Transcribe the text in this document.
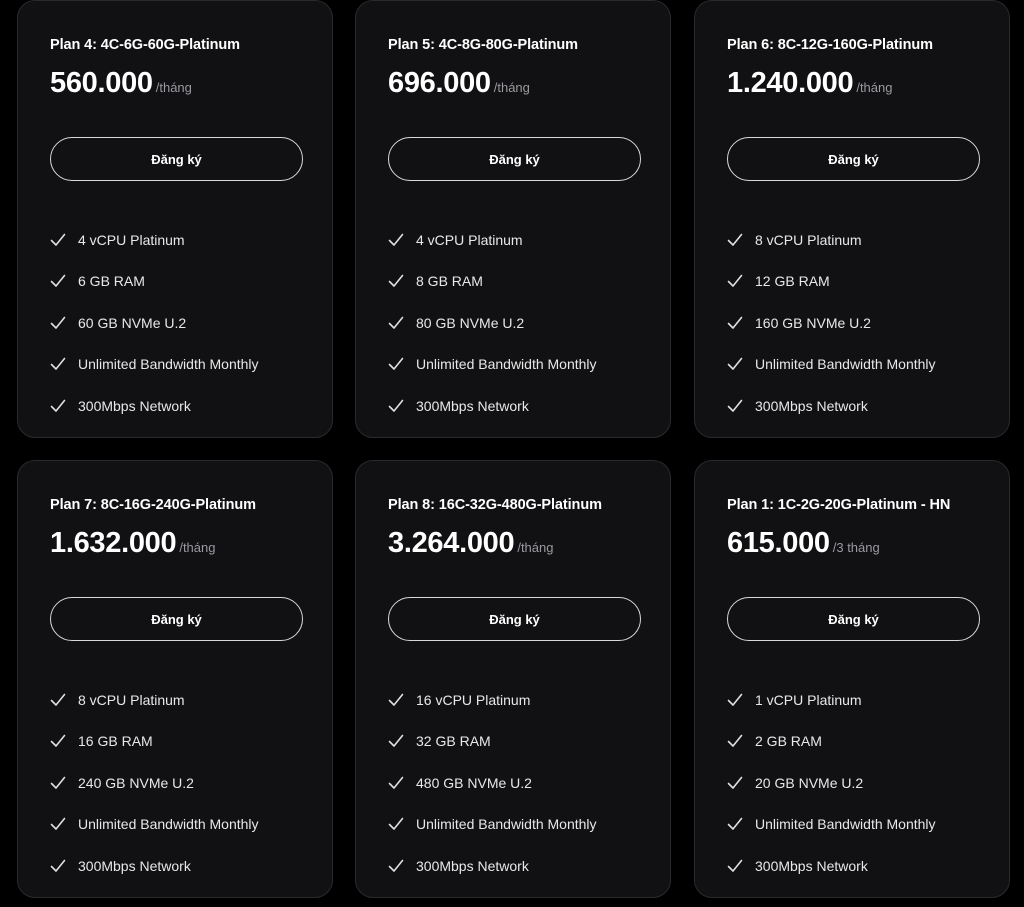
Plan 4: 4C-6G-60G-Platinum
560.000 /tháng
Đăng ký
4 vCPU Platinum
6 GB RAM
60 GB NVMe U.2
Unlimited Bandwidth Monthly
300Mbps Network
Plan 5: 4C-8G-80G-Platinum
696.000 /tháng
Đăng ký
4 vCPU Platinum
8 GB RAM
80 GB NVMe U.2
Unlimited Bandwidth Monthly
300Mbps Network
Plan 6: 8C-12G-160G-Platinum
1.240.000 /tháng
Đăng ký
8 vCPU Platinum
12 GB RAM
160 GB NVMe U.2
Unlimited Bandwidth Monthly
300Mbps Network
Plan 7: 8C-16G-240G-Platinum
1.632.000 /tháng
Đăng ký
8 vCPU Platinum
16 GB RAM
240 GB NVMe U.2
Unlimited Bandwidth Monthly
300Mbps Network
Plan 8: 16C-32G-480G-Platinum
3.264.000 /tháng
Đăng ký
16 vCPU Platinum
32 GB RAM
480 GB NVMe U.2
Unlimited Bandwidth Monthly
300Mbps Network
Plan 1: 1C-2G-20G-Platinum - HN
615.000 /3 tháng
Đăng ký
1 vCPU Platinum
2 GB RAM
20 GB NVMe U.2
Unlimited Bandwidth Monthly
300Mbps Network
